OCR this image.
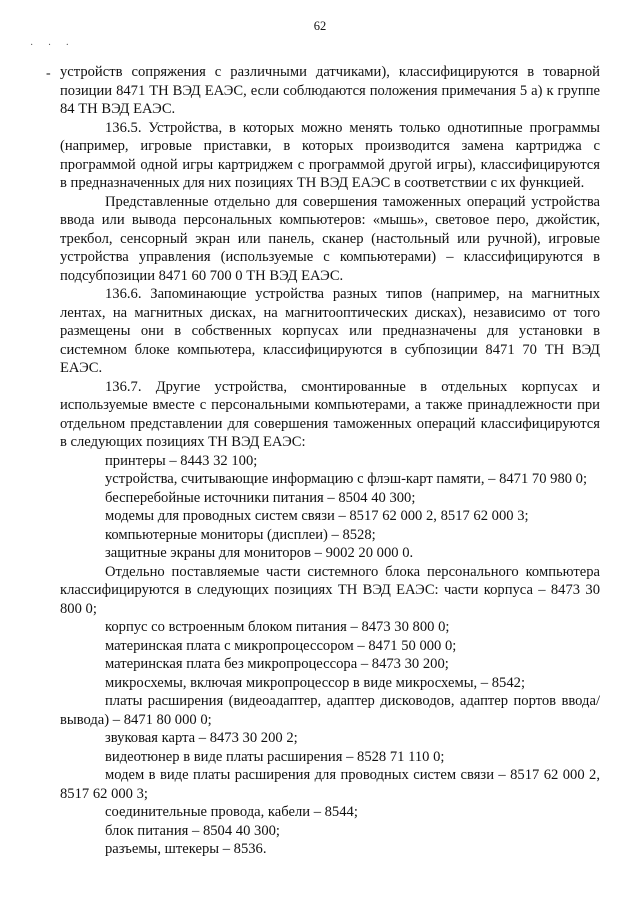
62
· · ·
- устройств сопряжения с различными датчиками), классифицируются в товарной позиции 8471 ТН ВЭД ЕАЭС, если соблюдаются положения примечания 5 а) к группе 84 ТН ВЭД ЕАЭС.

136.5. Устройства, в которых можно менять только однотипные программы (например, игровые приставки, в которых производится замена картриджа с программой одной игры картриджем с программой другой игры), классифицируются в предназначенных для них позициях ТН ВЭД ЕАЭС в соответствии с их функцией.

Представленные отдельно для совершения таможенных операций устройства ввода или вывода персональных компьютеров: «мышь», световое перо, джойстик, трекбол, сенсорный экран или панель, сканер (настольный или ручной), игровые устройства управления (используемые с компьютерами) – классифицируются в подсубпозиции 8471 60 700 0 ТН ВЭД ЕАЭС.

136.6. Запоминающие устройства разных типов (например, на магнитных лентах, на магнитных дисках, на магнитооптических дисках), независимо от того размещены они в собственных корпусах или предназначены для установки в системном блоке компьютера, классифицируются в субпозиции 8471 70 ТН ВЭД ЕАЭС.

136.7. Другие устройства, смонтированные в отдельных корпусах и используемые вместе с персональными компьютерами, а также принадлежности при отдельном представлении для совершения таможенных операций классифицируются в следующих позициях ТН ВЭД ЕАЭС:

принтеры – 8443 32 100;

устройства, считывающие информацию с флэш-карт памяти, – 8471 70 980 0;

бесперебойные источники питания – 8504 40 300;

модемы для проводных систем связи – 8517 62 000 2, 8517 62 000 3;

компьютерные мониторы (дисплеи) – 8528;

защитные экраны для мониторов – 9002 20 000 0.

Отдельно поставляемые части системного блока персонального компьютера классифицируются в следующих позициях ТН ВЭД ЕАЭС: части корпуса – 8473 30 800 0;

корпус со встроенным блоком питания – 8473 30 800 0;

материнская плата с микропроцессором – 8471 50 000 0;

материнская плата без микропроцессора – 8473 30 200;

микросхемы, включая микропроцессор в виде микросхемы, – 8542;

платы расширения (видеоадаптер, адаптер дисководов, адаптер портов ввода/вывода) – 8471 80 000 0;

звуковая карта – 8473 30 200 2;

видеотюнер в виде платы расширения – 8528 71 110 0;

модем в виде платы расширения для проводных систем связи – 8517 62 000 2, 8517 62 000 3;

соединительные провода, кабели – 8544;

блок питания – 8504 40 300;

разъемы, штекеры – 8536.
